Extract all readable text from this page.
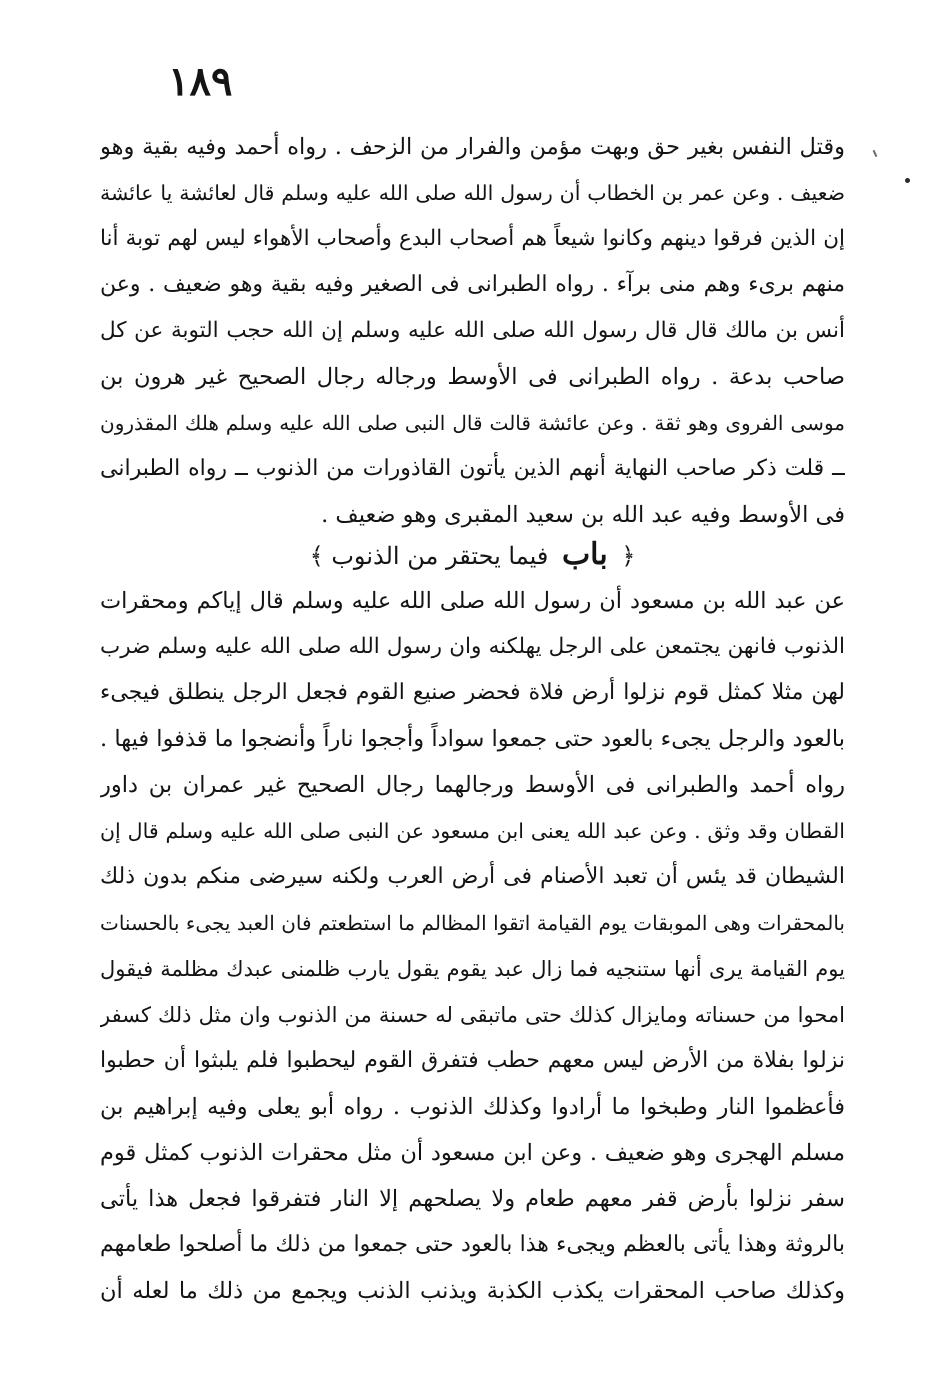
١٨٩
وقتل النفس بغير حق وبهت مؤمن والفرار من الزحف . رواه أحمد وفيه بقية وهو
ضعيف . وعن عمر بن الخطاب أن رسول الله صلى الله عليه وسلم قال لعائشة يا عائشة
إن الذين فرقوا دينهم وكانوا شيعاً هم أصحاب البدع وأصحاب الأهواء ليس لهم توبة أنا
منهم برىء وهم منى برآء . رواه الطبرانى فى الصغير وفيه بقية وهو ضعيف . وعن
أنس بن مالك قال قال رسول الله صلى الله عليه وسلم إن الله حجب التوبة عن كل
صاحب بدعة . رواه الطبرانى فى الأوسط ورجاله رجال الصحيح غير هرون بن
موسى الفروى وهو ثقة . وعن عائشة قالت قال النبى صلى الله عليه وسلم هلك المقذرون
ــ قلت ذكر صاحب النهاية أنهم الذين يأتون القاذورات من الذنوب ــ رواه الطبرانى
فى الأوسط وفيه عبد الله بن سعيد المقبرى وهو ضعيف .
﴿ باب فيما يحتقر من الذنوب ﴾
عن عبد الله بن مسعود أن رسول الله صلى الله عليه وسلم قال إياكم ومحقرات
الذنوب فانهن يجتمعن على الرجل يهلكنه وان رسول الله صلى الله عليه وسلم ضرب
لهن مثلا كمثل قوم نزلوا أرض فلاة فحضر صنيع القوم فجعل الرجل ينطلق فيجىء
بالعود والرجل يجىء بالعود حتى جمعوا سواداً وأججوا ناراً وأنضجوا ما قذفوا فيها .
رواه أحمد والطبرانى فى الأوسط ورجالهما رجال الصحيح غير عمران بن داور
القطان وقد وثق . وعن عبد الله يعنى ابن مسعود عن النبى صلى الله عليه وسلم قال إن
الشيطان قد يئس أن تعبد الأصنام فى أرض العرب ولكنه سيرضى منكم بدون ذلك
بالمحقرات وهى الموبقات يوم القيامة اتقوا المظالم ما استطعتم فان العبد يجىء بالحسنات
يوم القيامة يرى أنها ستنجيه فما زال عبد يقوم يقول يارب ظلمنى عبدك مظلمة فيقول
امحوا من حسناته ومايزال كذلك حتى ماتبقى له حسنة من الذنوب وان مثل ذلك كسفر
نزلوا بفلاة من الأرض ليس معهم حطب فتفرق القوم ليحطبوا فلم يلبثوا أن حطبوا
فأعظموا النار وطبخوا ما أرادوا وكذلك الذنوب . رواه أبو يعلى وفيه إبراهيم بن
مسلم الهجرى وهو ضعيف . وعن ابن مسعود أن مثل محقرات الذنوب كمثل قوم
سفر نزلوا بأرض قفر معهم طعام ولا يصلحهم إلا النار فتفرقوا فجعل هذا يأتى
بالروثة وهذا يأتى بالعظم ويجىء هذا بالعود حتى جمعوا من ذلك ما أصلحوا طعامهم
وكذلك صاحب المحقرات يكذب الكذبة ويذنب الذنب ويجمع من ذلك ما لعله أن
